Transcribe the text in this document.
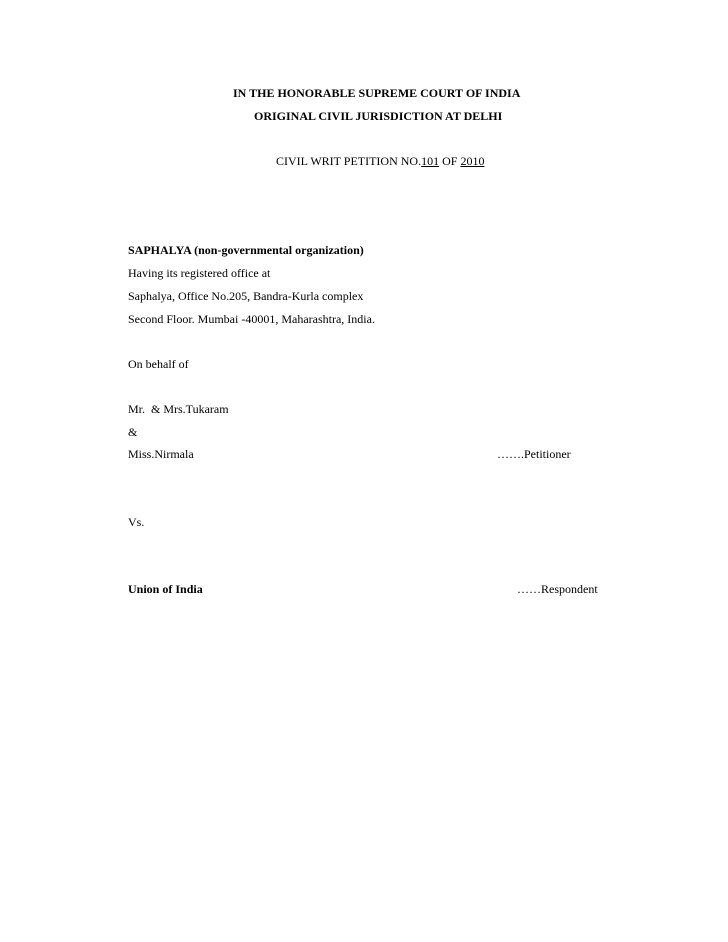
IN THE HONORABLE SUPREME COURT OF INDIA
ORIGINAL CIVIL JURISDICTION AT DELHI
CIVIL WRIT PETITION NO.101 OF 2010
SAPHALYA (non-governmental organization)
Having its registered office at
Saphalya, Office No.205, Bandra-Kurla complex
Second Floor. Mumbai -40001, Maharashtra, India.
On behalf of
Mr.  & Mrs.Tukaram
&
Miss.Nirmala	…….Petitioner
Vs.
Union of India	……Respondent
